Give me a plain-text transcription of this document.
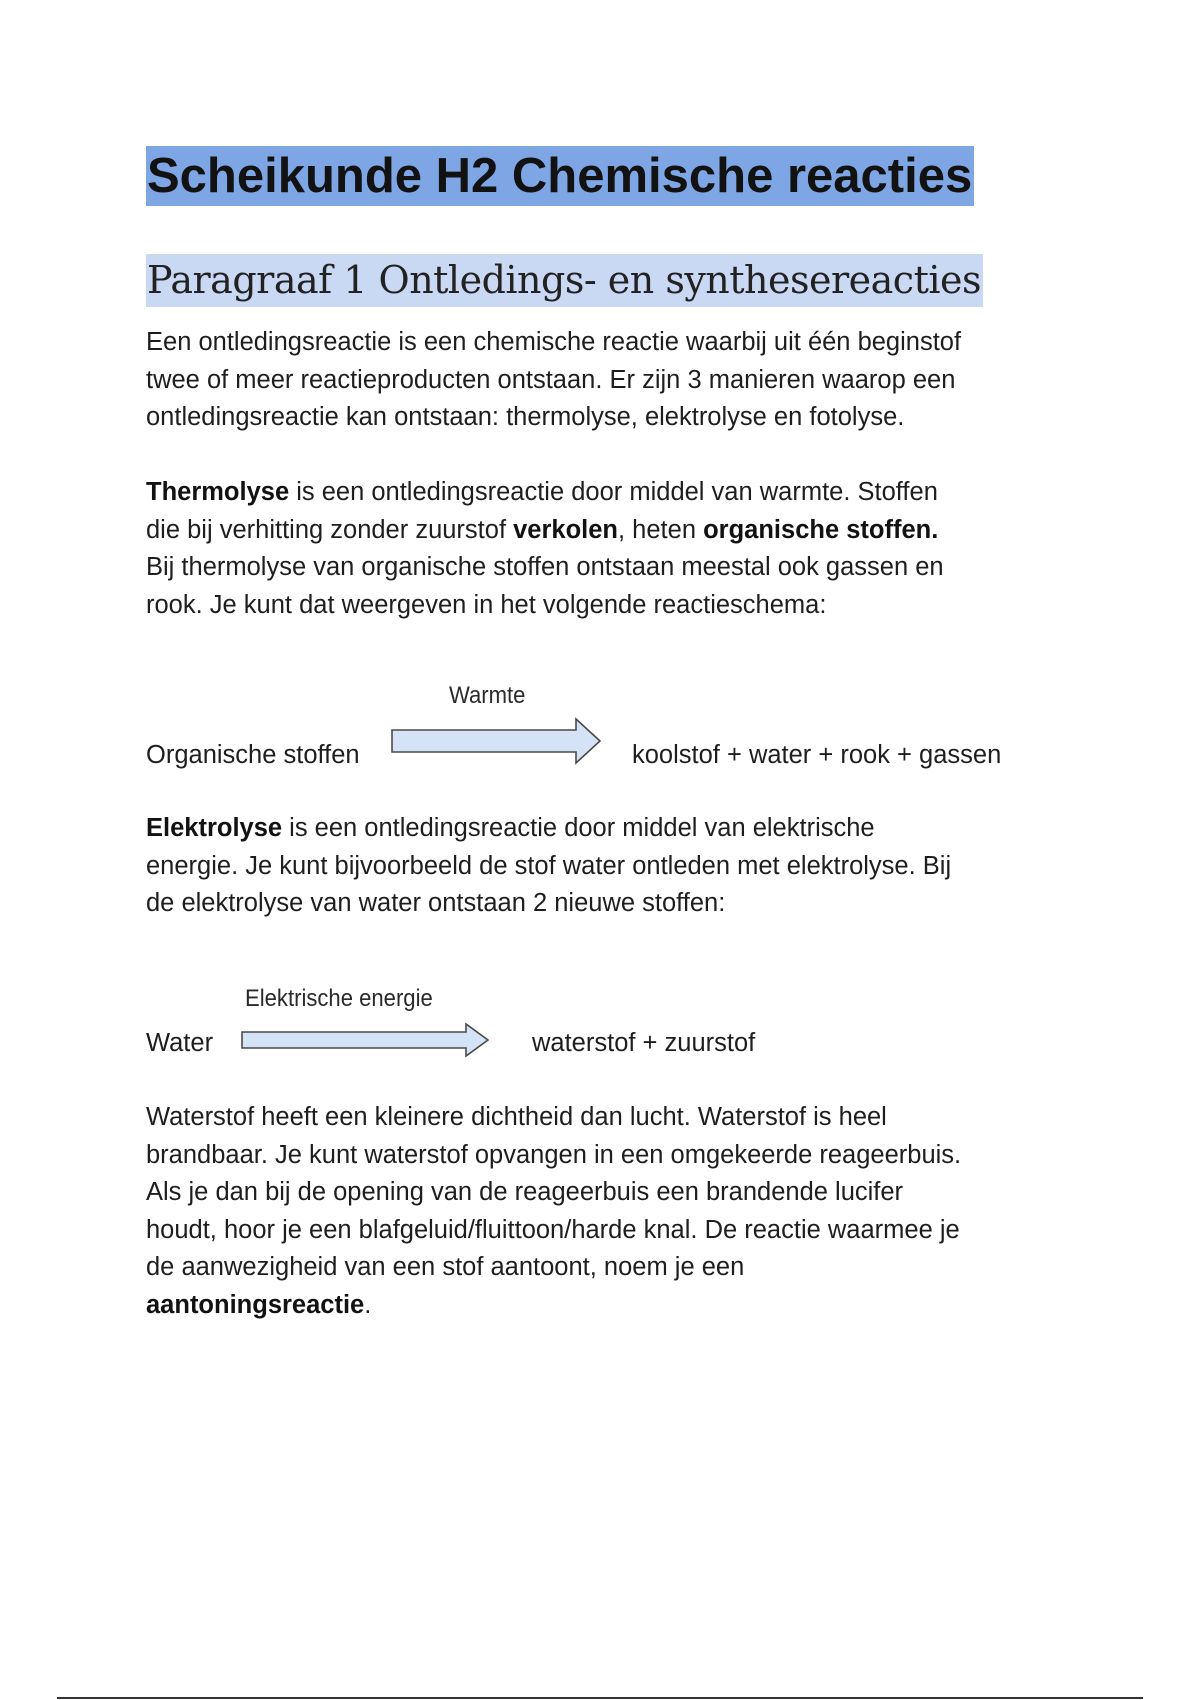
Scheikunde H2 Chemische reacties
Paragraaf 1 Ontledings- en synthesereacties

Een ontledingsreactie is een chemische reactie waarbij uit één beginstof
twee of meer reactieproducten ontstaan. Er zijn 3 manieren waarop een
ontledingsreactie kan ontstaan: thermolyse, elektrolyse en fotolyse.

Thermolyse is een ontledingsreactie door middel van warmte. Stoffen
die bij verhitting zonder zuurstof verkolen, heten organische stoffen.
Bij thermolyse van organische stoffen ontstaan meestal ook gassen en
rook. Je kunt dat weergeven in het volgende reactieschema:

Warmte
Organische stoffen	koolstof + water + rook + gassen

Elektrolyse is een ontledingsreactie door middel van elektrische
energie. Je kunt bijvoorbeeld de stof water ontleden met elektrolyse. Bij
de elektrolyse van water ontstaan 2 nieuwe stoffen:

Elektrische energie
Water	waterstof + zuurstof

Waterstof heeft een kleinere dichtheid dan lucht. Waterstof is heel
brandbaar. Je kunt waterstof opvangen in een omgekeerde reageerbuis.
Als je dan bij de opening van de reageerbuis een brandende lucifer
houdt, hoor je een blafgeluid/fluittoon/harde knal. De reactie waarmee je
de aanwezigheid van een stof aantoont, noem je een
aantoningsreactie.
